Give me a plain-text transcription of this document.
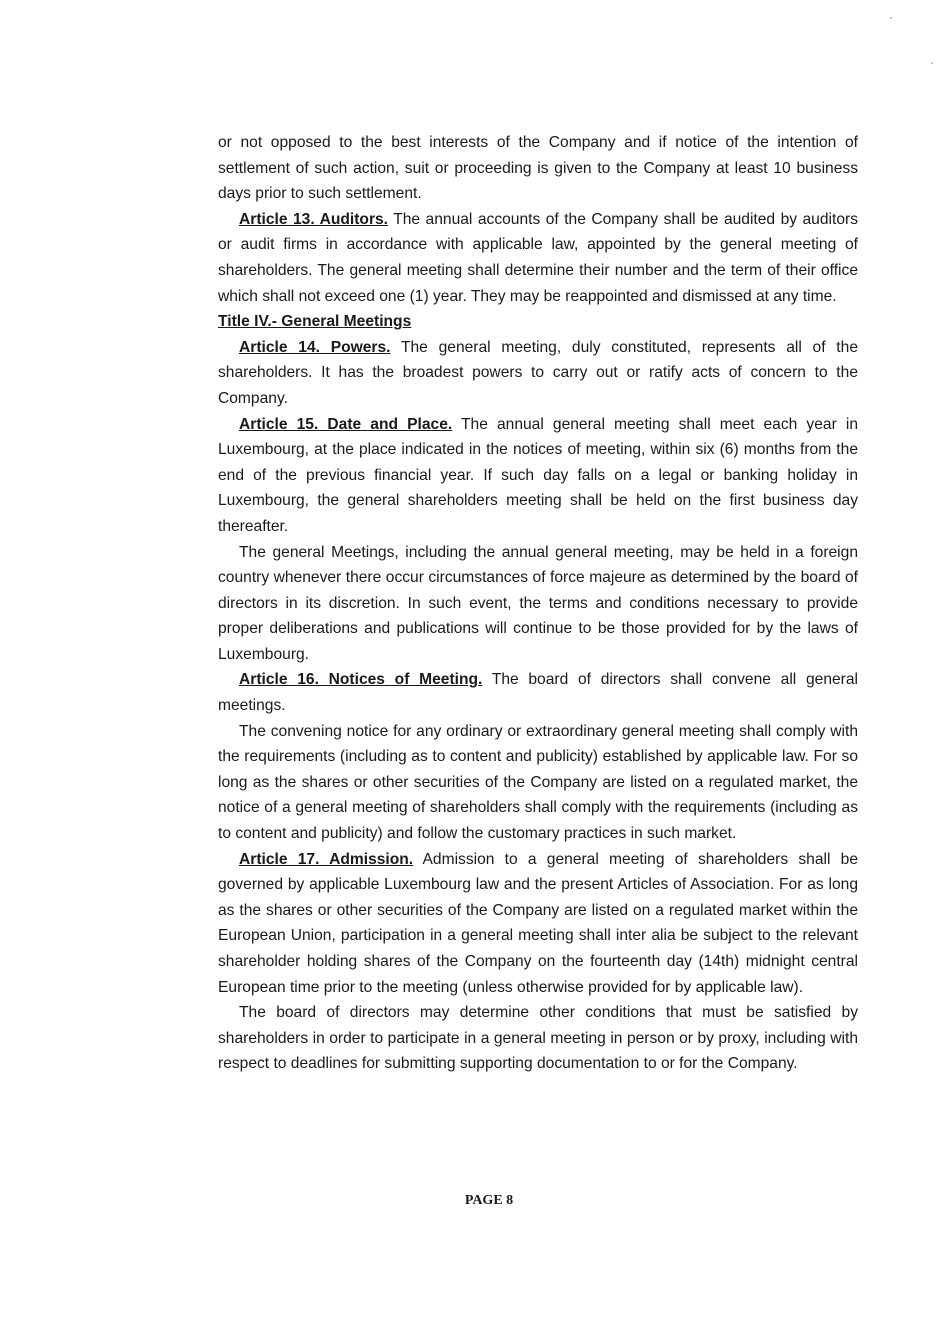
or not opposed to the best interests of the Company and if notice of the intention of settlement of such action, suit or proceeding is given to the Company at least 10 business days prior to such settlement.

Article 13. Auditors. The annual accounts of the Company shall be audited by auditors or audit firms in accordance with applicable law, appointed by the general meeting of shareholders. The general meeting shall determine their number and the term of their office which shall not exceed one (1) year. They may be reappointed and dismissed at any time.

Title IV.- General Meetings

Article 14. Powers. The general meeting, duly constituted, represents all of the shareholders. It has the broadest powers to carry out or ratify acts of concern to the Company.

Article 15. Date and Place. The annual general meeting shall meet each year in Luxembourg, at the place indicated in the notices of meeting, within six (6) months from the end of the previous financial year. If such day falls on a legal or banking holiday in Luxembourg, the general shareholders meeting shall be held on the first business day thereafter.

The general Meetings, including the annual general meeting, may be held in a foreign country whenever there occur circumstances of force majeure as determined by the board of directors in its discretion. In such event, the terms and conditions necessary to provide proper deliberations and publications will continue to be those provided for by the laws of Luxembourg.

Article 16. Notices of Meeting. The board of directors shall convene all general meetings.

The convening notice for any ordinary or extraordinary general meeting shall comply with the requirements (including as to content and publicity) established by applicable law. For so long as the shares or other securities of the Company are listed on a regulated market, the notice of a general meeting of shareholders shall comply with the requirements (including as to content and publicity) and follow the customary practices in such market.

Article 17. Admission. Admission to a general meeting of shareholders shall be governed by applicable Luxembourg law and the present Articles of Association. For as long as the shares or other securities of the Company are listed on a regulated market within the European Union, participation in a general meeting shall inter alia be subject to the relevant shareholder holding shares of the Company on the fourteenth day (14th) midnight central European time prior to the meeting (unless otherwise provided for by applicable law).

The board of directors may determine other conditions that must be satisfied by shareholders in order to participate in a general meeting in person or by proxy, including with respect to deadlines for submitting supporting documentation to or for the Company.

PAGE 8
